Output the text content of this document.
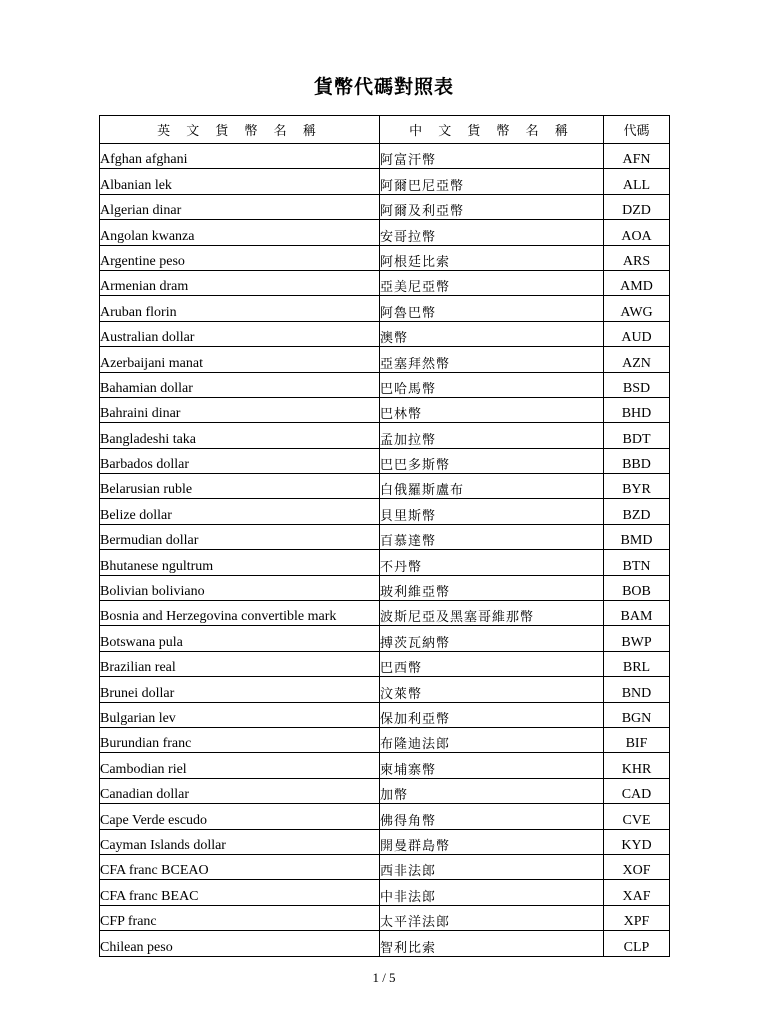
貨幣代碼對照表
英 文 貨 幣 名 稱	中 文 貨 幣 名 稱	代碼
Afghan afghani	阿富汗幣	AFN
Albanian lek	阿爾巴尼亞幣	ALL
Algerian dinar	阿爾及利亞幣	DZD
Angolan kwanza	安哥拉幣	AOA
Argentine peso	阿根廷比索	ARS
Armenian dram	亞美尼亞幣	AMD
Aruban florin	阿魯巴幣	AWG
Australian dollar	澳幣	AUD
Azerbaijani manat	亞塞拜然幣	AZN
Bahamian dollar	巴哈馬幣	BSD
Bahraini dinar	巴林幣	BHD
Bangladeshi taka	孟加拉幣	BDT
Barbados dollar	巴巴多斯幣	BBD
Belarusian ruble	白俄羅斯盧布	BYR
Belize dollar	貝里斯幣	BZD
Bermudian dollar	百慕達幣	BMD
Bhutanese ngultrum	不丹幣	BTN
Bolivian boliviano	玻利維亞幣	BOB
Bosnia and Herzegovina convertible mark	波斯尼亞及黑塞哥維那幣	BAM
Botswana pula	搏茨瓦納幣	BWP
Brazilian real	巴西幣	BRL
Brunei dollar	汶萊幣	BND
Bulgarian lev	保加利亞幣	BGN
Burundian franc	布隆迪法郎	BIF
Cambodian riel	柬埔寨幣	KHR
Canadian dollar	加幣	CAD
Cape Verde escudo	佛得角幣	CVE
Cayman Islands dollar	開曼群島幣	KYD
CFA franc BCEAO	西非法郎	XOF
CFA franc BEAC	中非法郎	XAF
CFP franc	太平洋法郎	XPF
Chilean peso	智利比索	CLP
1 / 5
